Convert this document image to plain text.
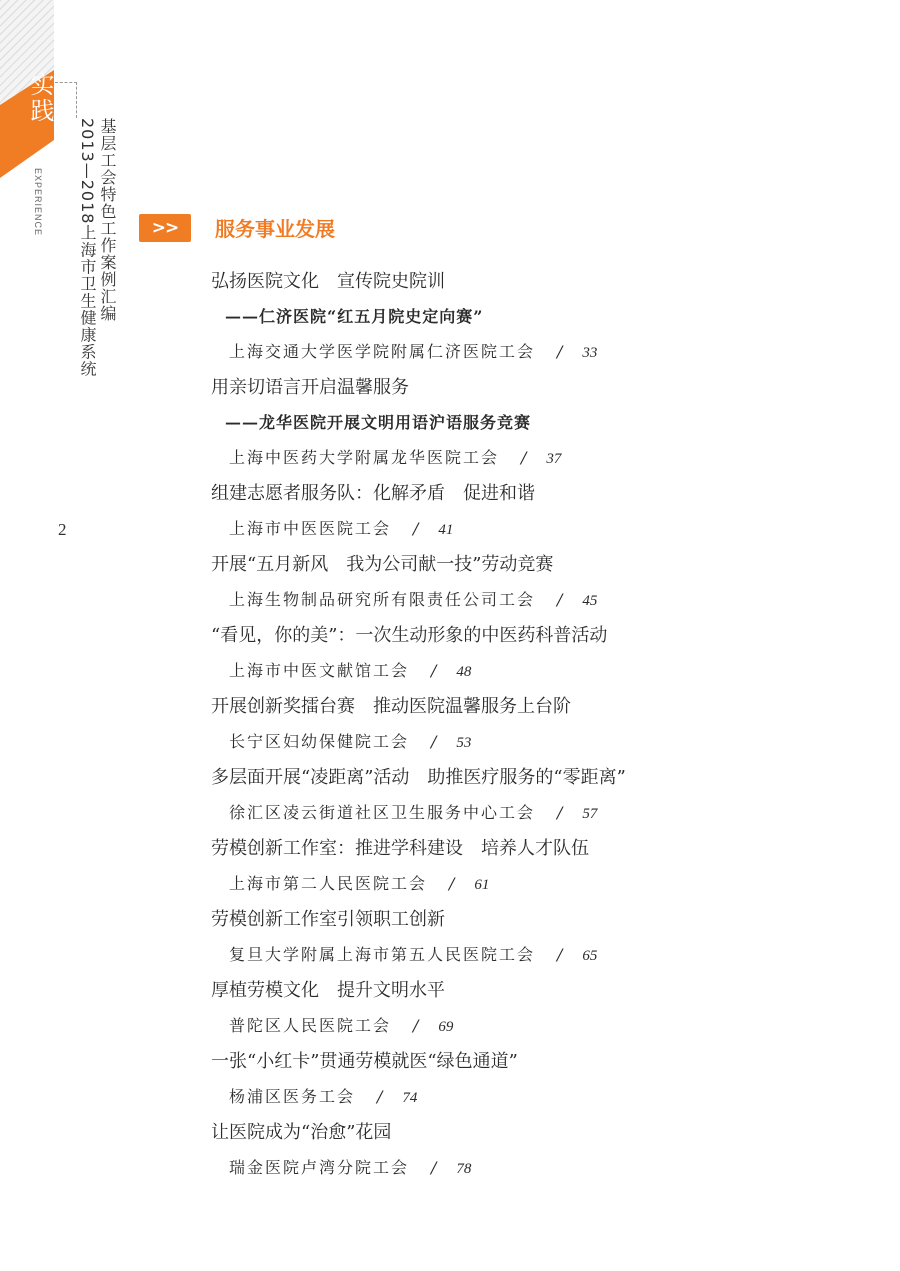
实践
EXPERIENCE	基层工会特色工作案例汇编
2013—2018上海市卫生健康系统
2
>>	服务事业发展
弘扬医院文化　宣传院史院训
——仁济医院“红五月院史定向赛”
上海交通大学医学院附属仁济医院工会 / 33
用亲切语言开启温馨服务
——龙华医院开展文明用语沪语服务竞赛
上海中医药大学附属龙华医院工会 / 37
组建志愿者服务队：化解矛盾　促进和谐
上海市中医医院工会 / 41
开展“五月新风　我为公司献一技”劳动竞赛
上海生物制品研究所有限责任公司工会 / 45
“看见，你的美”：一次生动形象的中医药科普活动
上海市中医文献馆工会 / 48
开展创新奖擂台赛　推动医院温馨服务上台阶
长宁区妇幼保健院工会 / 53
多层面开展“凌距离”活动　助推医疗服务的“零距离”
徐汇区凌云街道社区卫生服务中心工会 / 57
劳模创新工作室：推进学科建设　培养人才队伍
上海市第二人民医院工会 / 61
劳模创新工作室引领职工创新
复旦大学附属上海市第五人民医院工会 / 65
厚植劳模文化　提升文明水平
普陀区人民医院工会 / 69
一张“小红卡”贯通劳模就医“绿色通道”
杨浦区医务工会 / 74
让医院成为“治愈”花园
瑞金医院卢湾分院工会 / 78
